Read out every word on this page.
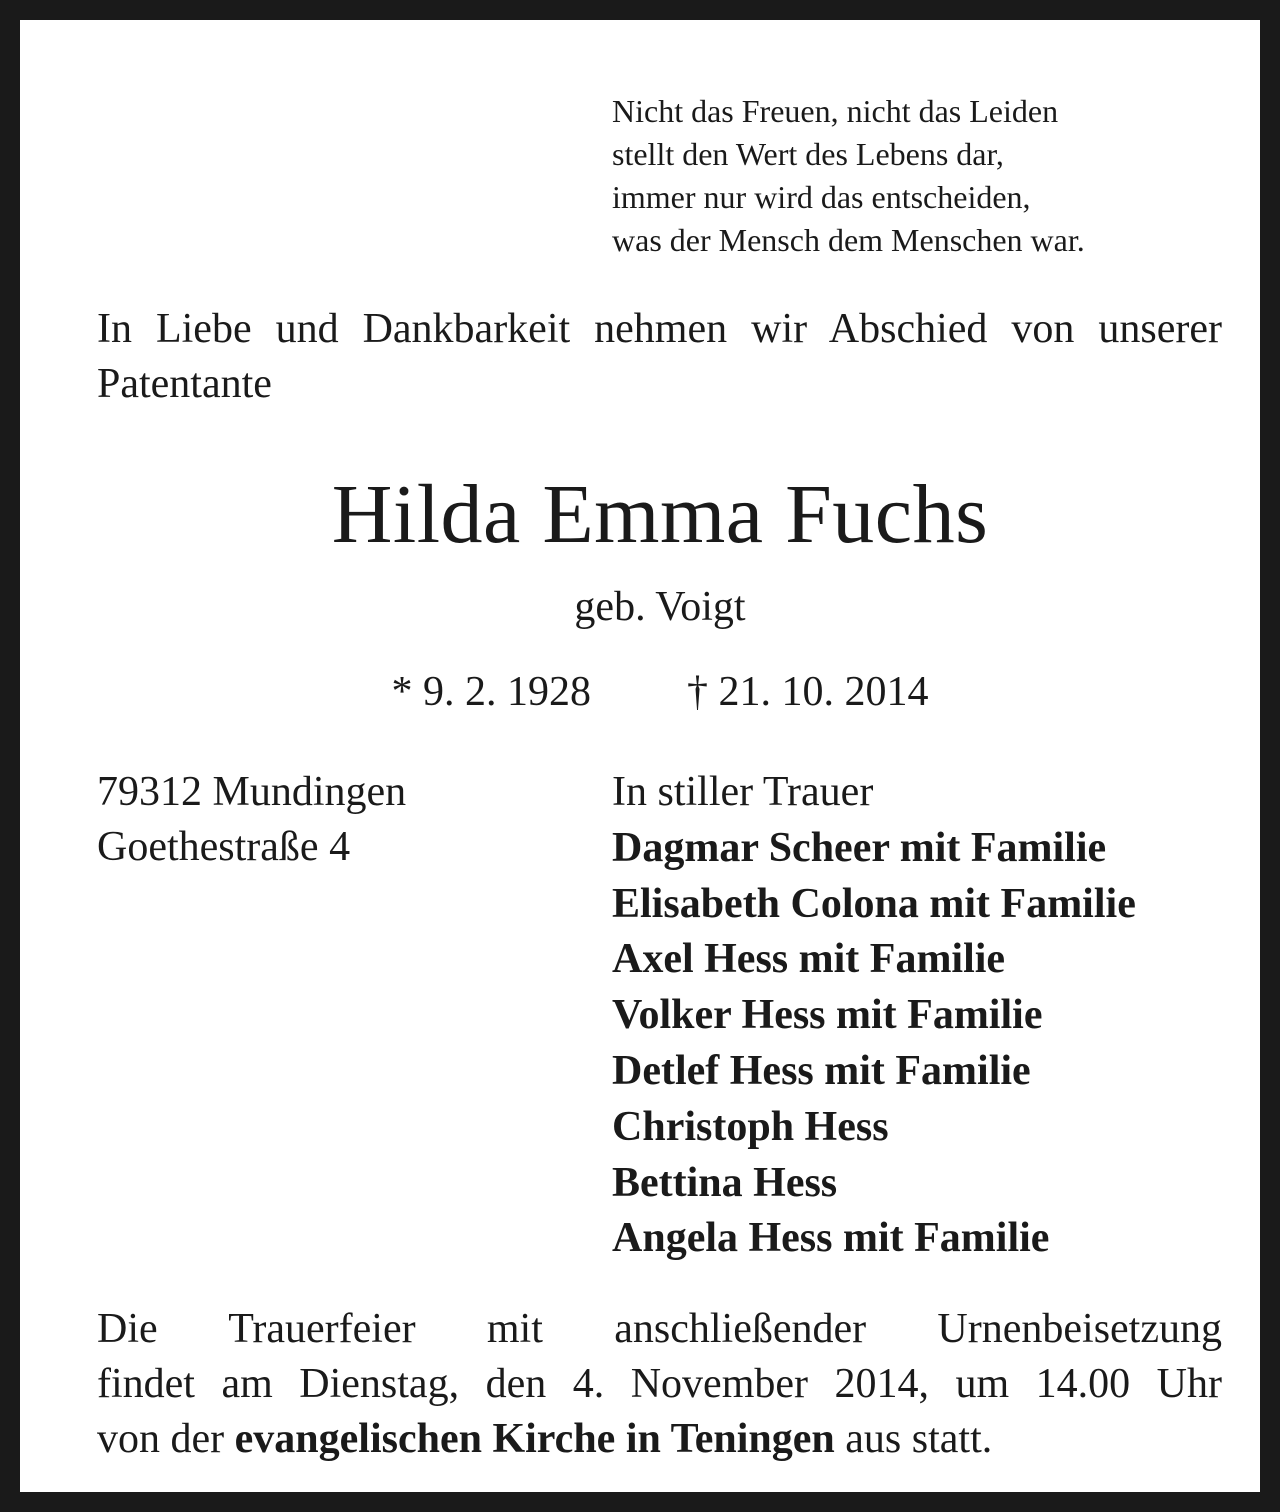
Nicht das Freuen, nicht das Leiden
stellt den Wert des Lebens dar,
immer nur wird das entscheiden,
was der Mensch dem Menschen war.
In Liebe und Dankbarkeit nehmen wir Abschied von unserer Patentante
Hilda Emma Fuchs
geb. Voigt
* 9. 2. 1928 † 21. 10. 2014
79312 Mundingen
Goethestraße 4
In stiller Trauer
Dagmar Scheer mit Familie
Elisabeth Colona mit Familie
Axel Hess mit Familie
Volker Hess mit Familie
Detlef Hess mit Familie
Christoph Hess
Bettina Hess
Angela Hess mit Familie
Die Trauerfeier mit anschließender Urnenbeisetzung
findet am Dienstag, den 4. November 2014, um 14.00 Uhr
von der evangelischen Kirche in Teningen aus statt.
